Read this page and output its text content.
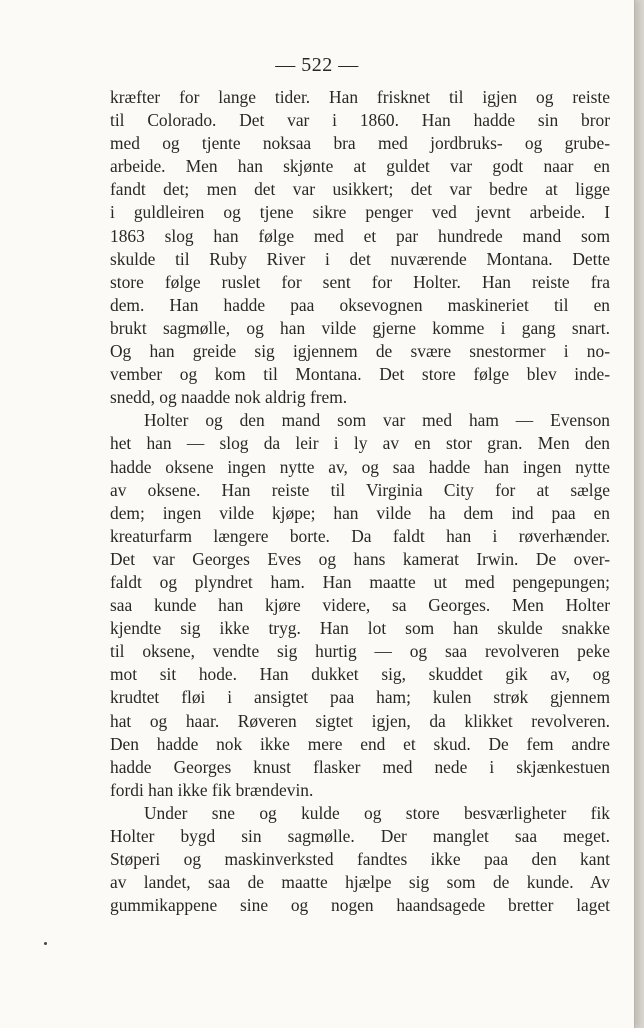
— 522 —
kræfter for lange tider. Han frisknet til igjen og reiste
til Colorado. Det var i 1860. Han hadde sin bror
med og tjente noksaa bra med jordbruks- og grube-
arbeide. Men han skjønte at guldet var godt naar en
fandt det; men det var usikkert; det var bedre at ligge
i guldleiren og tjene sikre penger ved jevnt arbeide. I
1863 slog han følge med et par hundrede mand som
skulde til Ruby River i det nuværende Montana. Dette
store følge ruslet for sent for Holter. Han reiste fra
dem. Han hadde paa oksevognen maskineriet til en
brukt sagmølle, og han vilde gjerne komme i gang snart.
Og han greide sig igjennem de svære snestormer i no-
vember og kom til Montana. Det store følge blev inde-
snedd, og naadde nok aldrig frem.
Holter og den mand som var med ham — Evenson
het han — slog da leir i ly av en stor gran. Men den
hadde oksene ingen nytte av, og saa hadde han ingen nytte
av oksene. Han reiste til Virginia City for at sælge
dem; ingen vilde kjøpe; han vilde ha dem ind paa en
kreaturfarm længere borte. Da faldt han i røverhænder.
Det var Georges Eves og hans kamerat Irwin. De over-
faldt og plyndret ham. Han maatte ut med pengepungen;
saa kunde han kjøre videre, sa Georges. Men Holter
kjendte sig ikke tryg. Han lot som han skulde snakke
til oksene, vendte sig hurtig — og saa revolveren peke
mot sit hode. Han dukket sig, skuddet gik av, og
krudtet fløi i ansigtet paa ham; kulen strøk gjennem
hat og haar. Røveren sigtet igjen, da klikket revolveren.
Den hadde nok ikke mere end et skud. De fem andre
hadde Georges knust flasker med nede i skjænkestuen
fordi han ikke fik brændevin.
Under sne og kulde og store besværligheter fik
Holter bygd sin sagmølle. Der manglet saa meget.
Støperi og maskinverksted fandtes ikke paa den kant
av landet, saa de maatte hjælpe sig som de kunde. Av
gummikappene sine og nogen haandsagede bretter laget
